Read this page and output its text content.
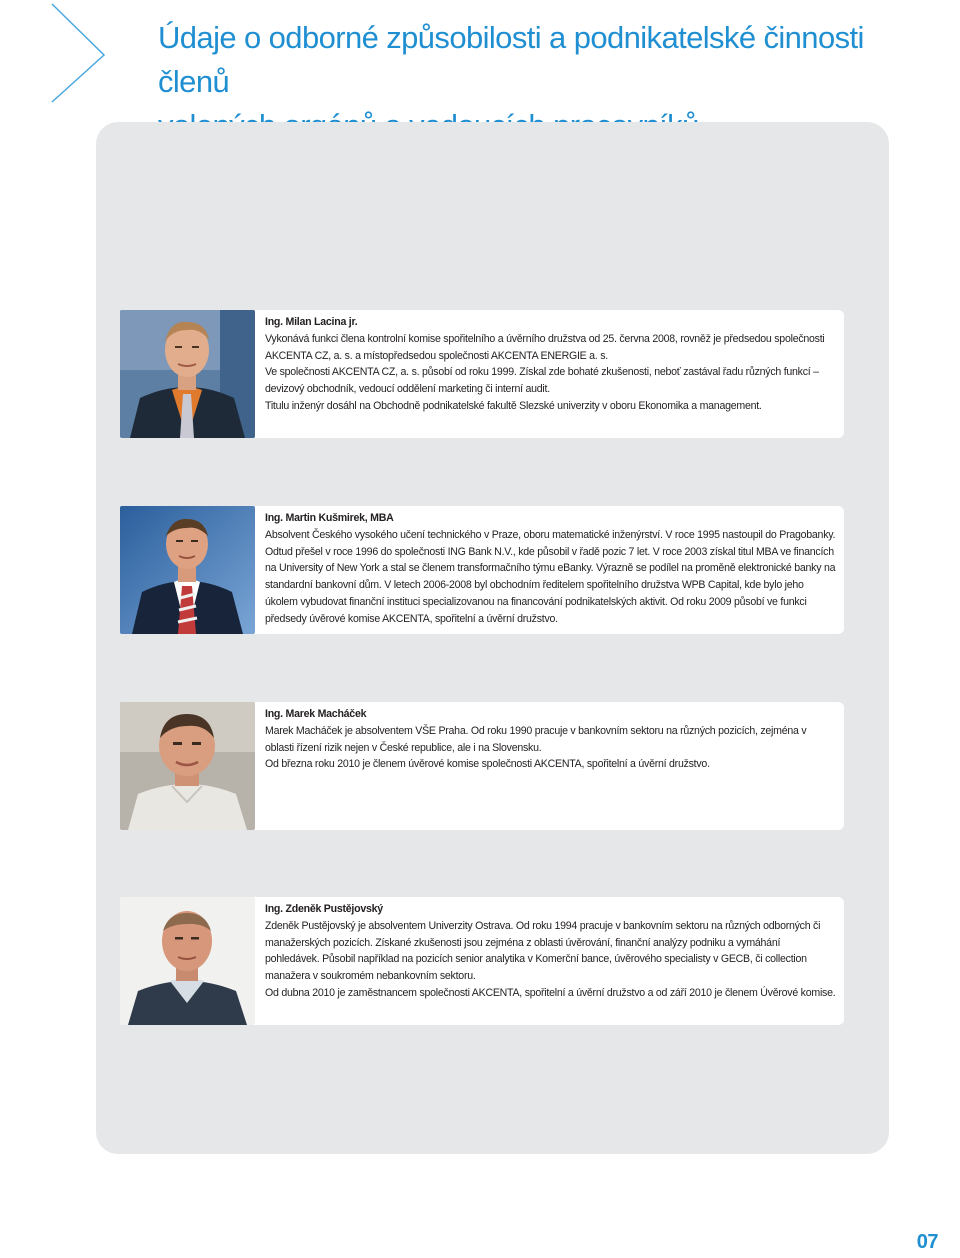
Údaje o odborné způsobilosti a podnikatelské činnosti členů
Ing. Milan Lacina jr.
Vykonává funkci člena kontrolní komise spořitelního a úvěrního družstva od 25. června 2008, rovněž je předsedou společnosti AKCENTA CZ, a. s. a místopředsedou společnosti AKCENTA ENERGIE a. s.
Ve společnosti AKCENTA CZ, a. s. působí od roku 1999. Získal zde bohaté zkušenosti, neboť zastával řadu různých funkcí – devizový obchodník, vedoucí oddělení marketing či interní audit.
Titulu inženýr dosáhl na Obchodně podnikatelské fakultě Slezské univerzity v oboru Ekonomika a management.
Ing. Martin Kušmirek, MBA
Absolvent Českého vysokého učení technického v Praze, oboru matematické inženýrství. V roce 1995 nastoupil do Pragobanky. Odtud přešel v roce 1996 do společnosti ING Bank N.V., kde působil v řadě pozic 7 let. V roce 2003 získal titul MBA ve financích na University of New York a stal se členem transformačního týmu eBanky. Výrazně se podílel na proměně elektronické banky na standardní bankovní dům. V letech 2006-2008 byl obchodním ředitelem spořitelního družstva WPB Capital, kde bylo jeho úkolem vybudovat finanční instituci specializovanou na financování podnikatelských aktivit. Od roku 2009 působí ve funkci předsedy úvěrové komise AKCENTA, spořitelní a úvěrní družstvo.
Ing. Marek Macháček
Marek Macháček je absolventem VŠE Praha. Od roku 1990 pracuje v bankovním sektoru na různých pozicích, zejména v oblasti řízení rizik nejen v České republice, ale i na Slovensku.
Od března roku 2010 je členem úvěrové komise společnosti AKCENTA, spořitelní a úvěrní družstvo.
Ing. Zdeněk Pustějovský
Zdeněk Pustějovský je absolventem Univerzity Ostrava. Od roku 1994 pracuje v bankovním sektoru na různých odborných či manažerských pozicích. Získané zkušenosti jsou zejména z oblasti úvěrování, finanční analýzy podniku a vymáhání pohledávek. Působil například na pozicích senior analytika v Komerční bance, úvěrového specialisty v GECB, či collection manažera v soukromém nebankovním sektoru.
Od dubna 2010 je zaměstnancem společnosti AKCENTA, spořitelní a úvěrní družstvo a od září 2010 je členem Úvěrové komise.
07
